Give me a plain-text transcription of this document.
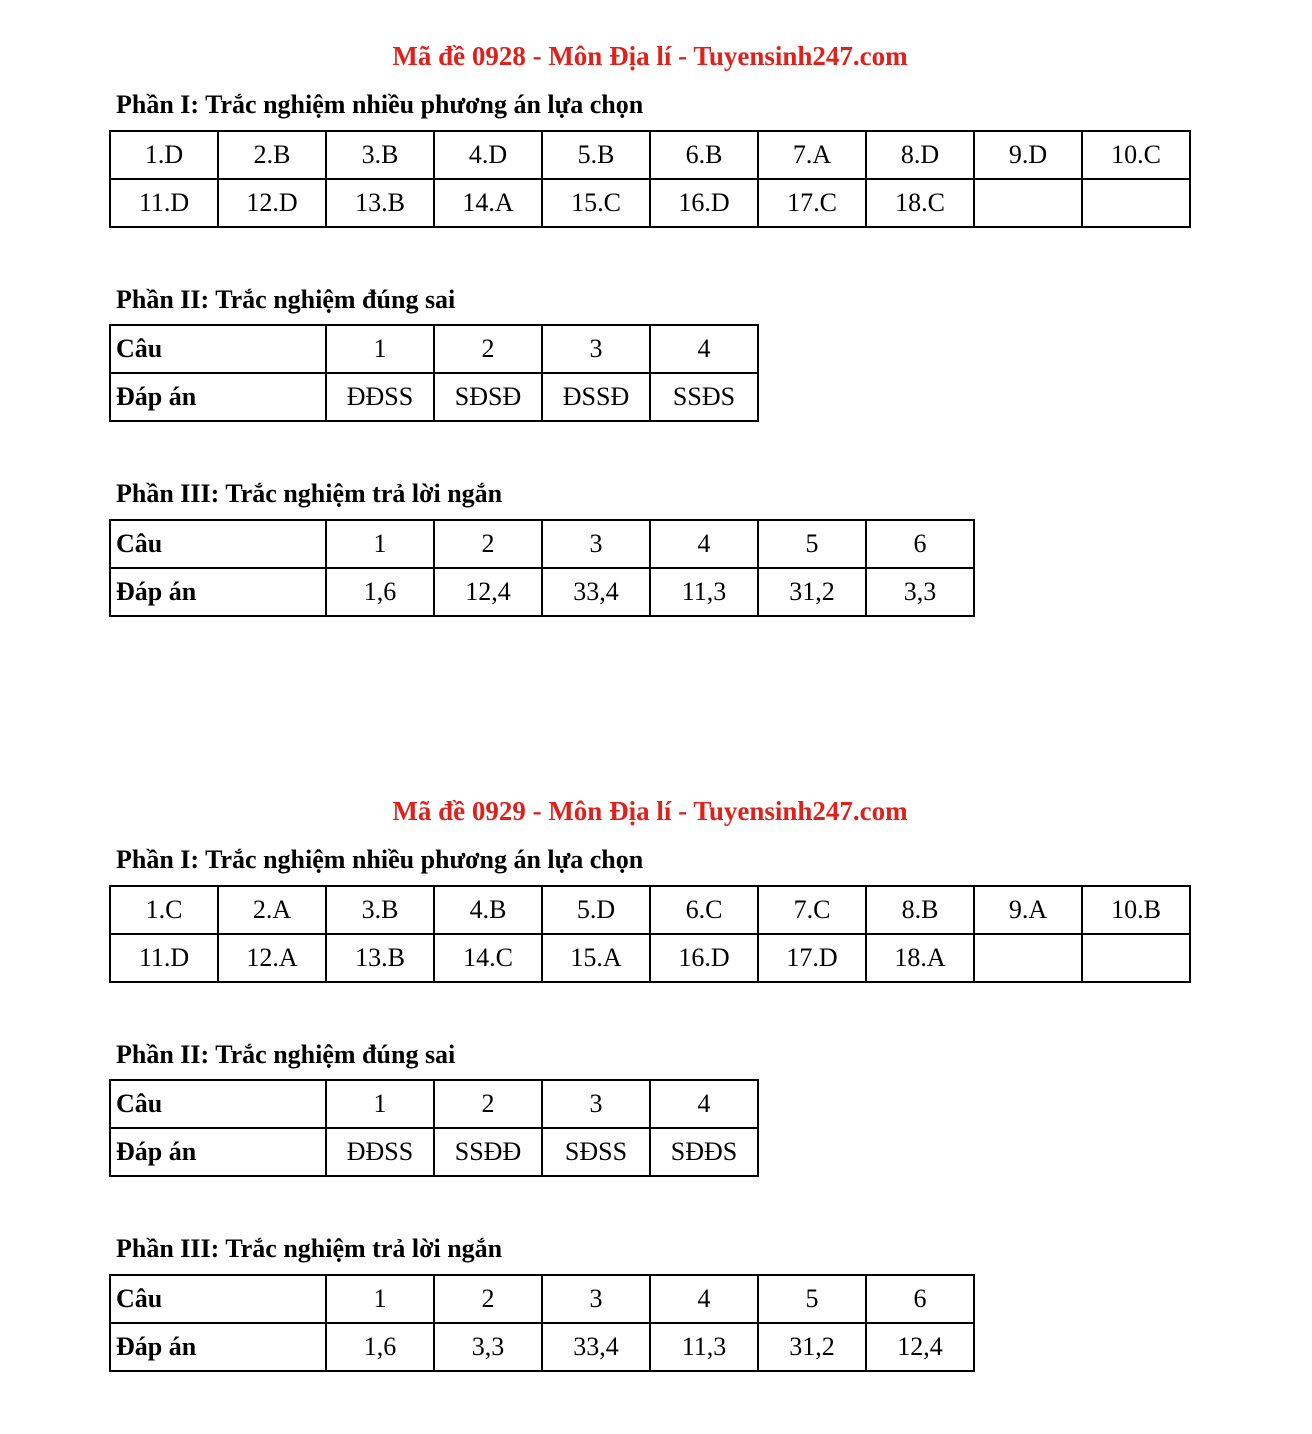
Mã đề 0928 - Môn Địa lí - Tuyensinh247.com
Phần I: Trắc nghiệm nhiều phương án lựa chọn
1.D	2.B	3.B	4.D	5.B	6.B	7.A	8.D	9.D	10.C
11.D	12.D	13.B	14.A	15.C	16.D	17.C	18.C		
Phần II: Trắc nghiệm đúng sai
Câu	1	2	3	4
Đáp án	ĐĐSS	SĐSĐ	ĐSSĐ	SSĐS
Phần III: Trắc nghiệm trả lời ngắn
Câu	1	2	3	4	5	6
Đáp án	1,6	12,4	33,4	11,3	31,2	3,3
Mã đề 0929 - Môn Địa lí - Tuyensinh247.com
Phần I: Trắc nghiệm nhiều phương án lựa chọn
1.C	2.A	3.B	4.B	5.D	6.C	7.C	8.B	9.A	10.B
11.D	12.A	13.B	14.C	15.A	16.D	17.D	18.A		
Phần II: Trắc nghiệm đúng sai
Câu	1	2	3	4
Đáp án	ĐĐSS	SSĐĐ	SĐSS	SĐĐS
Phần III: Trắc nghiệm trả lời ngắn
Câu	1	2	3	4	5	6
Đáp án	1,6	3,3	33,4	11,3	31,2	12,4
